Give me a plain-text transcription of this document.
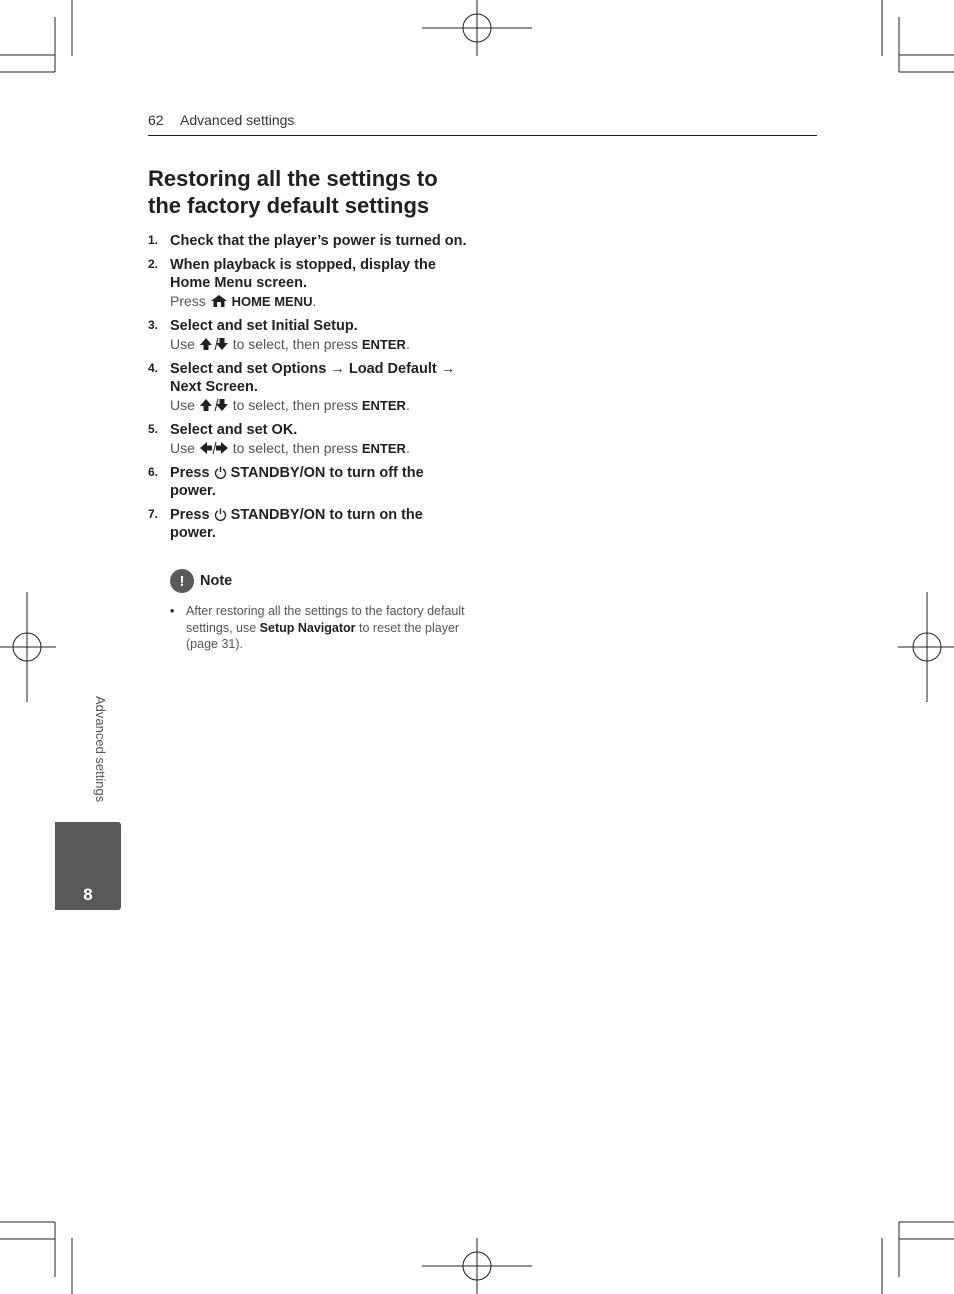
62 Advanced settings
Restoring all the settings to the factory default settings
1. Check that the player’s power is turned on.
2. When playback is stopped, display the Home Menu screen.
Press HOME MENU.
3. Select and set Initial Setup.
Use	to select, then press ENTER.
4. Select and set Options → Load Default → Next Screen.
Use	to select, then press ENTER.
5. Select and set OK.
Use	to select, then press ENTER.
6. Press STANDBY/ON to turn off the power.
7. Press STANDBY/ON to turn on the power.
!	Note
• After restoring all the settings to the factory default settings, use Setup Navigator to reset the player (page 31).
Advanced settings
8
